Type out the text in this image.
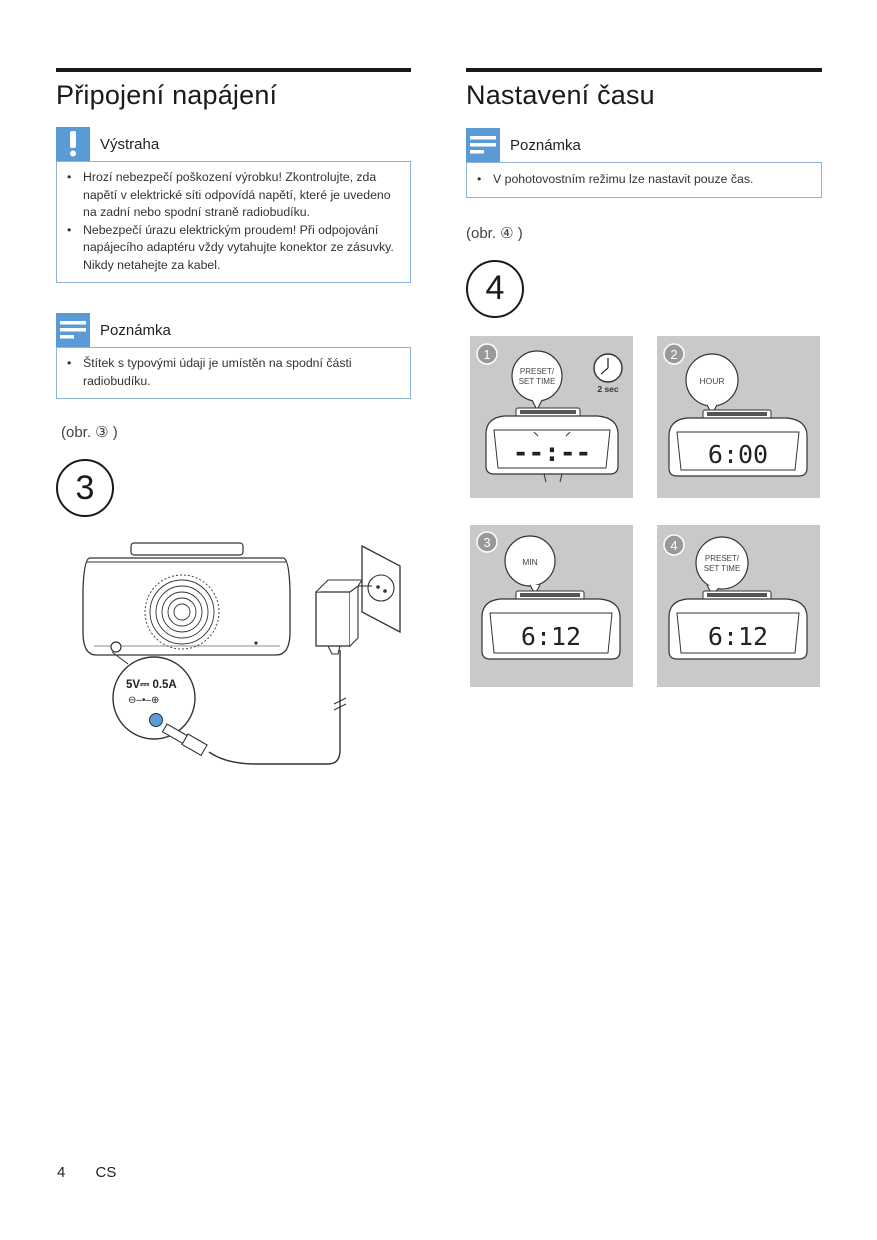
Připojení napájení
Výstraha
• Hrozí nebezpečí poškození výrobku! Zkontrolujte, zda napětí v elektrické síti odpovídá napětí, které je uvedeno na zadní nebo spodní straně radiobudíku.
• Nebezpečí úrazu elektrickým proudem! Při odpojování napájecího adaptéru vždy vytahujte konektor ze zásuvky. Nikdy netahejte za kabel.
Poznámka
• Štítek s typovými údaji je umístěn na spodní části radiobudíku.
(obr. ③ )
3
5V⎓ 0.5A
⊖–•–⊕
Nastavení času
Poznámka
• V pohotovostním režimu lze nastavit pouze čas.
(obr. ④ )
4
1
PRESET/
SET TIME
2 sec
--:--
2
HOUR
6:00
3
MIN
6:12
4
PRESET/
SET TIME
6:12
4 CS
